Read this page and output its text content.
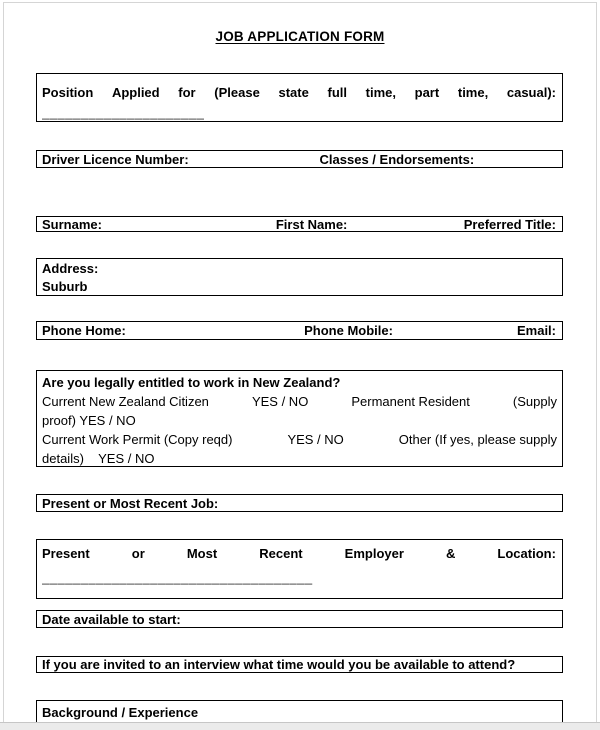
JOB APPLICATION FORM
Position Applied for (Please state full time, part time, casual):
_____________________
Driver Licence Number:	Classes / Endorsements:
Surname:	First Name:	Preferred Title:
Address:
Suburb
Phone Home:	Phone Mobile:	Email:
Are you legally entitled to work in New Zealand?
Current New Zealand Citizen	YES / NO	Permanent Resident	(Supply
proof) YES / NO
Current Work Permit (Copy reqd)	YES / NO	Other (If yes, please supply
details)    YES / NO
Present or Most Recent Job:
Present	or	Most	Recent	Employer	&	Location:
___________________________________
Date available to start:
If you are invited to an interview what time would you be available to attend?
Background / Experience
